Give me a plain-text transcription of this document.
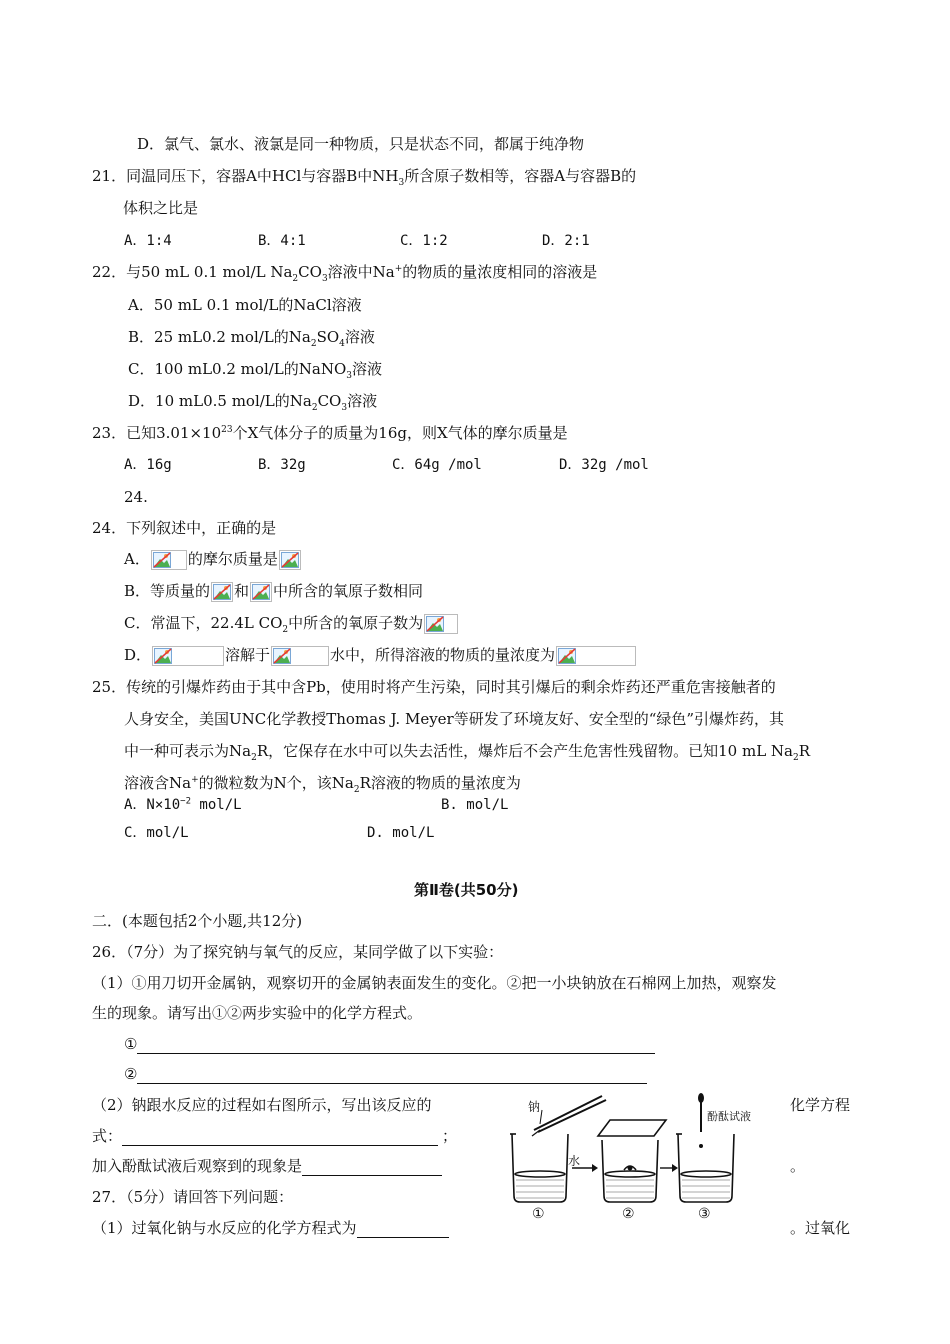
D．氯气、氯水、液氯是同一种物质，只是状态不同，都属于纯净物
21．同温同压下，容器A中HCl与容器B中$NH_3$所含原子数相等，容器A与容器B的
体积之比是
A．1:4	B．4:1	C．1:2	D．2:1
22．与50 mL 0.1 mol/L $Na_2CO_3$溶液中Na+的物质的量浓度相同的溶液是
A．50 mL 0.1 mol/L的NaCl溶液
B．25 mL0.2 mol/L的$Na_2SO_4$溶液
C．100 mL0.2 mol/L的NaNO$_3$溶液
D．10 mL0.5 mol/L的$Na_2CO_3$溶液
23．已知$3.01\times 10^{23}$个X气体分子的质量为16g，则X气体的摩尔质量是
A．16g	B．32g	C．64g /mol	D．32g /mol
24.
24．下列叙述中，正确的是
A．	的摩尔质量是
B．等质量的 和 中所含的氧原子数相同
C．常温下，22.4L $CO_2$中所含的氧原子数为
D．	溶解于	水中，所得溶液的物质的量浓度为
25．传统的引爆炸药由于其中含Pb，使用时将产生污染，同时其引爆后的剩余炸药还严重危害接触者的
人身安全，美国UNC化学教授Thomas J. Meyer等研发了环境友好、安全型的“绿色”引爆炸药，其
中一种可表示为$Na_2R$，它保存在水中可以失去活性，爆炸后不会产生危害性残留物。已知10 mL $Na_2R$
溶液含Na+的微粒数为N个，该$Na_2R$溶液的物质的量浓度为
A．$N\times 10^{-2}$ mol/L	B. mol/L
C．mol/L	D. mol/L
第Ⅱ卷(共50分)
二．(本题包括2个小题,共12分)
26．（7分）为了探究钠与氧气的反应，某同学做了以下实验：
（1）①用刀切开金属钠，观察切开的金属钠表面发生的变化。②把一小块钠放在石棉网上加热，观察发
生的现象。请写出①②两步实验中的化学方程式。
①
②
（2）钠跟水反应的过程如右图所示，写出该反应的	化学方程
式：	；
加入酚酞试液后观察到的现象是	。
27．（5分）请回答下列问题：
（1）过氧化钠与水反应的化学方程式为	。过氧化
钠
水
酚酞试液
①	②	③
